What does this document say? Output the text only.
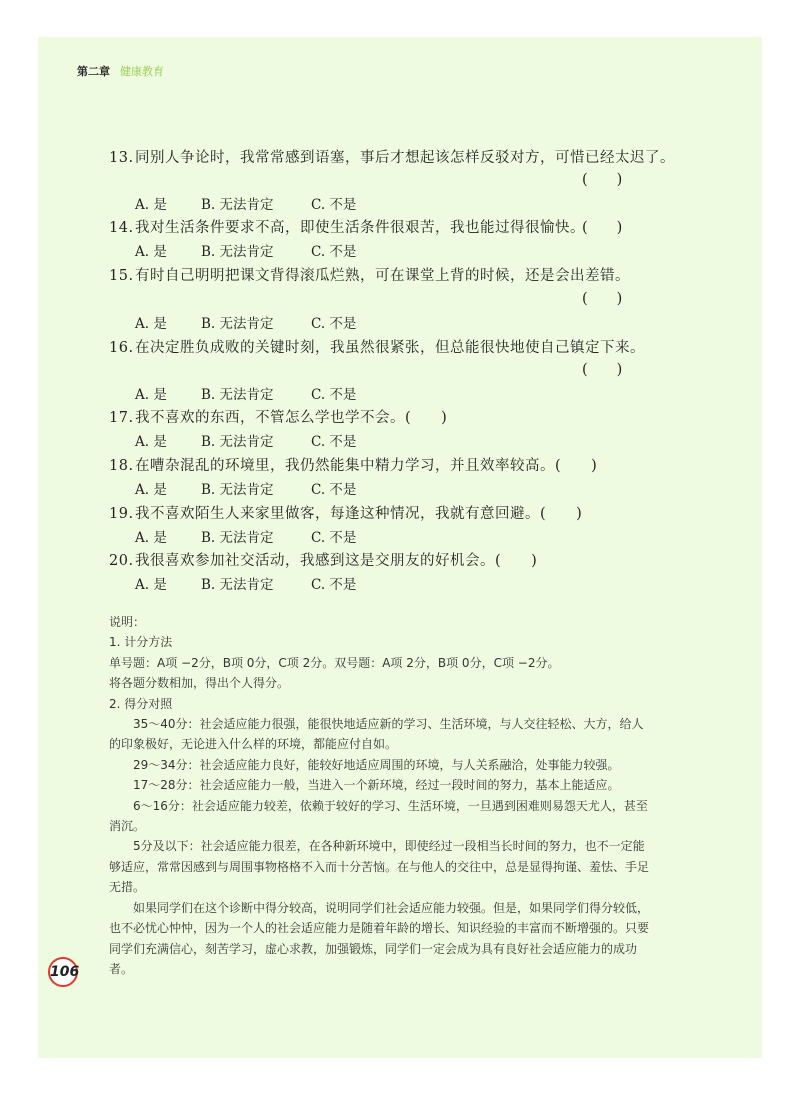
第二章 健康教育
13.同别人争论时，我常常感到语塞，事后才想起该怎样反驳对方，可惜已经太迟了。
(　　)
A. 是	B. 无法肯定	C. 不是
14.我对生活条件要求不高，即使生活条件很艰苦，我也能过得很愉快。
(　　)
A. 是	B. 无法肯定	C. 不是
15.有时自己明明把课文背得滚瓜烂熟，可在课堂上背的时候，还是会出差错。
(　　)
A. 是	B. 无法肯定	C. 不是
16.在决定胜负成败的关键时刻，我虽然很紧张，但总能很快地使自己镇定下来。
(　　)
A. 是	B. 无法肯定	C. 不是
17.我不喜欢的东西，不管怎么学也学不会。(　　)
A. 是	B. 无法肯定	C. 不是
18.在嘈杂混乱的环境里，我仍然能集中精力学习，并且效率较高。(　　)
A. 是	B. 无法肯定	C. 不是
19.我不喜欢陌生人来家里做客，每逢这种情况，我就有意回避。(　　)
A. 是	B. 无法肯定	C. 不是
20.我很喜欢参加社交活动，我感到这是交朋友的好机会。(　　)
A. 是	B. 无法肯定	C. 不是

说明：

1. 计分方法

单号题：A项 −2分，B项 0分，C项 2分。双号题：A项 2分，B项 0分，C项 −2分。

将各题分数相加，得出个人得分。

2. 得分对照

35～40分：社会适应能力很强，能很快地适应新的学习、生活环境，与人交往轻松、大方，给人的印象极好，无论进入什么样的环境，都能应付自如。

29～34分：社会适应能力良好，能较好地适应周围的环境，与人关系融洽，处事能力较强。

17～28分：社会适应能力一般，当进入一个新环境，经过一段时间的努力，基本上能适应。

6～16分：社会适应能力较差，依赖于较好的学习、生活环境，一旦遇到困难则易怨天尤人，甚至消沉。

5分及以下：社会适应能力很差，在各种新环境中，即使经过一段相当长时间的努力，也不一定能够适应，常常因感到与周围事物格格不入而十分苦恼。在与他人的交往中，总是显得拘谨、羞怯、手足无措。

如果同学们在这个诊断中得分较高，说明同学们社会适应能力较强。但是，如果同学们得分较低，也不必忧心忡忡，因为一个人的社会适应能力是随着年龄的增长、知识经验的丰富而不断增强的。只要同学们充满信心，刻苦学习，虚心求教，加强锻炼，同学们一定会成为具有良好社会适应能力的成功者。

106
